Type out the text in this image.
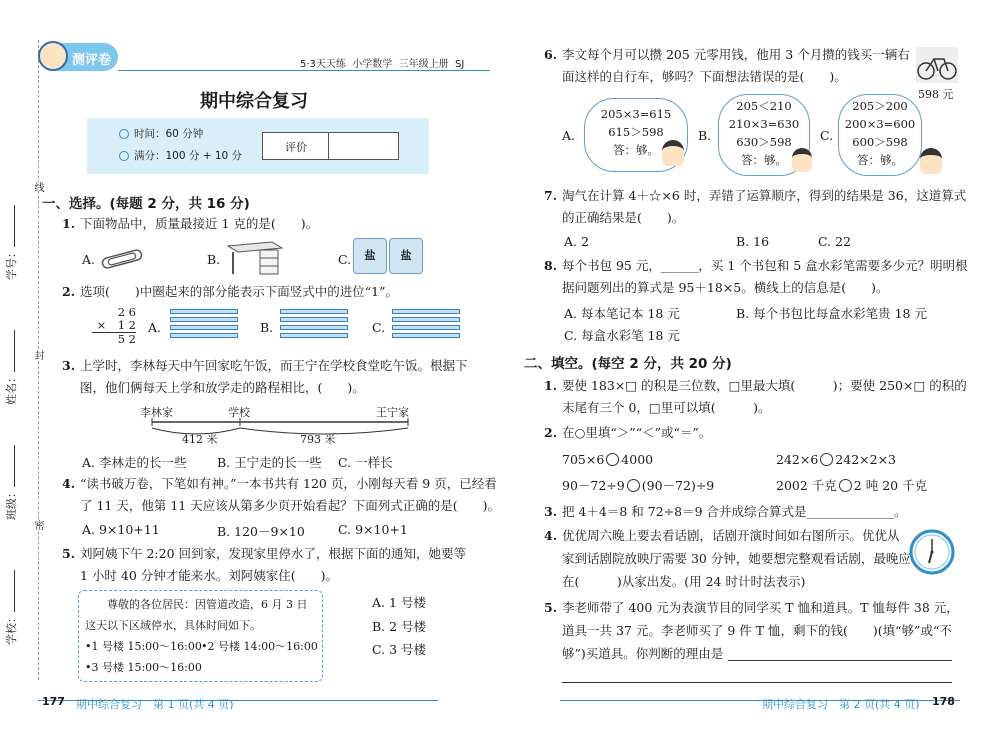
线
封
密
学号：
姓名：
班级：
学校：
测评卷	5·3天天练  小学数学  三年级上册  SJ
期中综合复习
时间：60 分钟
满分：100 分 + 10 分
评价
一、选择。(每题 2 分，共 16 分)
1. 下面物品中，质量最接近 1 克的是(　　)。
A.	B.	C.	盐	盐
2. 选项(　　)中圈起来的部分能表示下面竖式中的进位“1”。
2 6
×　1 2
5 2
A.	B.	C.
3. 上学时，李林每天中午回家吃午饭，而王宁在学校食堂吃午饭。根据下
图，他们俩每天上学和放学走的路程相比，(　　)。
李林家	学校	王宁家
412 米	793 米
A. 李林走的长一些 B. 王宁走的长一些 C. 一样长
4. “读书破万卷，下笔如有神。”一本书共有 120 页，小刚每天看 9 页，已经看
了 11 天，他第 11 天应该从第多少页开始看起？下面列式正确的是(　　)。
A. 9×10+11	B. 120－9×10	C. 9×10+1
5. 刘阿姨下午 2:20 回到家，发现家里停水了，根据下面的通知，她要等
1 小时 40 分钟才能来水。刘阿姨家住(　　)。
尊敬的各位居民：因管道改造，6 月 3 日
这天以下区域停水，具体时间如下。
•1 号楼 15:00～16:00 •2 号楼 14:00～16:00
•3 号楼 15:00～16:00
A. 1 号楼
B. 2 号楼
C. 3 号楼
177 期中综合复习　第 1 页(共 4 页)
6. 李文每个月可以攒 205 元零用钱，他用 3 个月攒的钱买一辆右
面这样的自行车，够吗？下面想法错误的是(　　)。
598 元
A.
205×3=615
615＞598
答：够。
B.
205＜210
210×3=630
630＞598
答：够。
C.
205＞200
200×3=600
600＞598
答：够。
7. 淘气在计算 4＋☆×6 时，弄错了运算顺序，得到的结果是 36，这道算式
的正确结果是(　　)。
A. 2	B. 16	C. 22
8. 每个书包 95 元，______，买 1 个书包和 5 盒水彩笔需要多少元？明明根
据问题列出的算式是 95＋18×5。横线上的信息是(　　)。
A. 每本笔记本 18 元	B. 每个书包比每盒水彩笔贵 18 元
C. 每盒水彩笔 18 元
二、填空。(每空 2 分，共 20 分)
1. 要使 183×□ 的积是三位数，□里最大填(　　　)；要使 250×□ 的积的
末尾有三个 0，□里可以填(　　　)。
2. 在○里填“＞”“＜”或“＝”。
705×6 4000	242×6 242×2×3
90－72÷9 (90－72)÷9	2002 千克 2 吨 20 千克
3. 把 4＋4＝8 和 72÷8＝9 合并成综合算式是______________。
4. 优优周六晚上要去看话剧，话剧开演时间如右图所示。优优从
家到话剧院放映厅需要 30 分钟，她要想完整观看话剧，最晚应
在(　　　)从家出发。(用 24 时计时法表示)
5. 李老师带了 400 元为表演节目的同学买 T 恤和道具。T 恤每件 38 元，
道具一共 37 元。李老师买了 9 件 T 恤，剩下的钱(　　)(填“够”或“不
够”)买道具。你判断的理由是
期中综合复习　第 2 页(共 4 页) 178
